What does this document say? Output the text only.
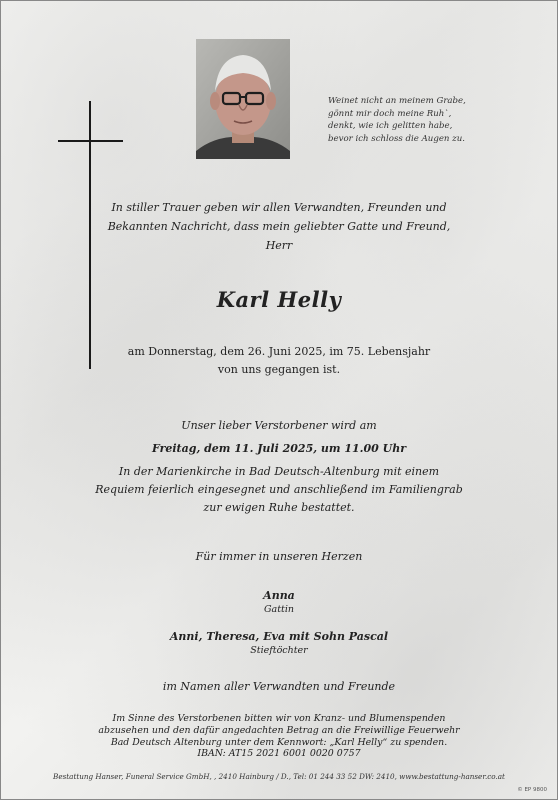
Weinet nicht an meinem Grabe,
gönnt mir doch meine Ruh`,
denkt, wie ich gelitten habe,
bevor ich schloss die Augen zu.
In stiller Trauer geben wir allen Verwandten, Freunden und
Bekannten Nachricht, dass mein geliebter Gatte und Freund,
Herr
Karl Helly
am Donnerstag, dem 26. Juni 2025, im 75. Lebensjahr
von uns gegangen ist.
Unser lieber Verstorbener wird am
Freitag, dem 11. Juli 2025, um 11.00 Uhr
In der Marienkirche in Bad Deutsch-Altenburg mit einem
Requiem feierlich eingesegnet und anschließend im Familiengrab
zur ewigen Ruhe bestattet.
Für immer in unseren Herzen
Anna
Gattin
Anni, Theresa, Eva mit Sohn Pascal
Stieftöchter
im Namen aller Verwandten und Freunde
Im Sinne des Verstorbenen bitten wir von Kranz- und Blumenspenden
abzusehen und den dafür angedachten Betrag an die Freiwillige Feuerwehr
Bad Deutsch Altenburg unter dem Kennwort: „Karl Helly“ zu spenden.
IBAN: AT15 2021 6001 0020 0757
Bestattung Hanser, Funeral Service GmbH, , 2410 Hainburg / D., Tel: 01 244 33 52 DW: 2410, www.bestattung-hanser.co.at
© EP 9800
